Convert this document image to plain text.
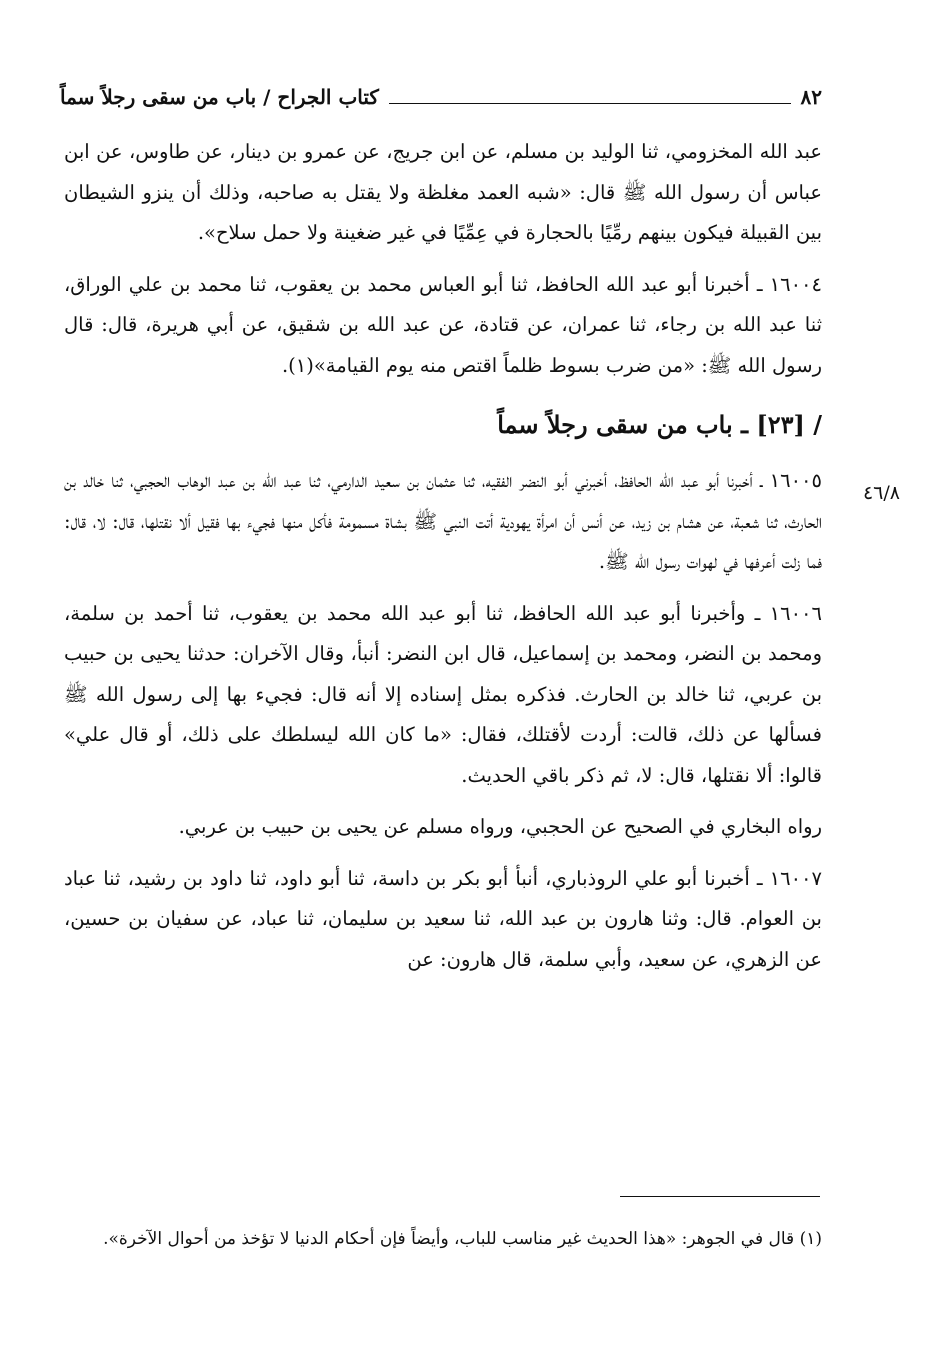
٨٢
كتاب الجراح / باب من سقى رجلاً سماً
٤٦/٨

عبد الله المخزومي، ثنا الوليد بن مسلم، عن ابن جريج، عن عمرو بن دينار، عن طاوس، عن ابن عباس أن رسول الله ﷺ قال: «شبه العمد مغلظة ولا يقتل به صاحبه، وذلك أن ينزو الشيطان بين القبيلة فيكون بينهم رمِّيًا بالحجارة في عِمِّيًا في غير ضغينة ولا حمل سلاح».

١٦٠٠٤ ـ أخبرنا أبو عبد الله الحافظ، ثنا أبو العباس محمد بن يعقوب، ثنا محمد بن علي الوراق، ثنا عبد الله بن رجاء، ثنا عمران، عن قتادة، عن عبد الله بن شقيق، عن أبي هريرة، قال: قال رسول الله ﷺ: «من ضرب بسوط ظلماً اقتص منه يوم القيامة»(١).

/ [٢٣] ـ باب من سقى رجلاً سماً

١٦٠٠٥ ـ أخبرنا أبو عبد الله الحافظ، أخبرني أبو النضر الفقيه، ثنا عثمان بن سعيد الدارمي، ثنا عبد الله بن عبد الوهاب الحجبي، ثنا خالد بن الحارث، ثنا شعبة، عن هشام بن زيد، عن أنس أن امرأة يهودية أتت النبي ﷺ بشاة مسمومة فأكل منها فجيء بها فقيل ألا نقتلها، قال: لا، قال: فما زلت أعرفها في لهوات رسول الله ﷺ.

١٦٠٠٦ ـ وأخبرنا أبو عبد الله الحافظ، ثنا أبو عبد الله محمد بن يعقوب، ثنا أحمد بن سلمة، ومحمد بن النضر، ومحمد بن إسماعيل، قال ابن النضر: أنبأ، وقال الآخران: حدثنا يحيى بن حبيب بن عربي، ثنا خالد بن الحارث. فذكره بمثل إسناده إلا أنه قال: فجيء بها إلى رسول الله ﷺ فسألها عن ذلك، قالت: أردت لأقتلك، فقال: «ما كان الله ليسلطك على ذلك، أو قال علي» قالوا: ألا نقتلها، قال: لا، ثم ذكر باقي الحديث.

رواه البخاري في الصحيح عن الحجبي، ورواه مسلم عن يحيى بن حبيب بن عربي.

١٦٠٠٧ ـ أخبرنا أبو علي الروذباري، أنبأ أبو بكر بن داسة، ثنا أبو داود، ثنا داود بن رشيد، ثنا عباد بن العوام. قال: وثنا هارون بن عبد الله، ثنا سعيد بن سليمان، ثنا عباد، عن سفيان بن حسين، عن الزهري، عن سعيد، وأبي سلمة، قال هارون: عن

(١) قال في الجوهر: «هذا الحديث غير مناسب للباب، وأيضاً فإن أحكام الدنيا لا تؤخذ من أحوال الآخرة».
